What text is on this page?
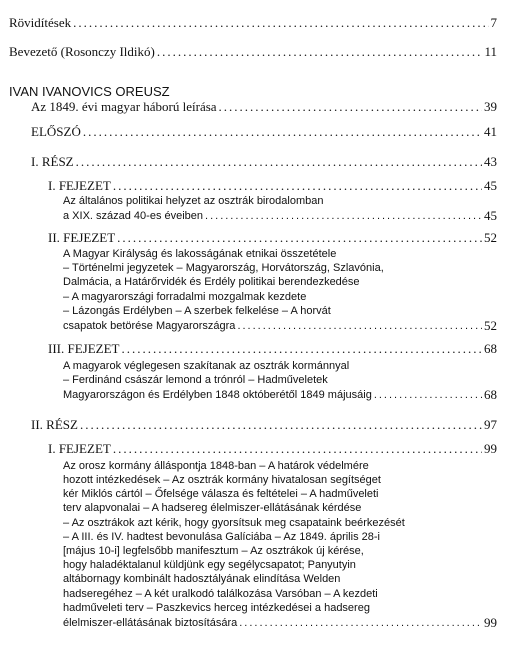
Rövidítések .....	7
Bevezető (Rosonczy Ildikó) .....	11
IVAN IVANOVICS OREUSZ
Az 1849. évi magyar háború leírása .....	39
ELŐSZÓ .....	41
I. RÉSZ .....	43
I. FEJEZET .....	45
Az általános politikai helyzet az osztrák birodalomban
a XIX. század 40-es éveiben .....	45
II. FEJEZET .....	52
A Magyar Királyság és lakosságának etnikai összetétele
– Történelmi jegyzetek – Magyarország, Horvátország, Szlavónia,
Dalmácia, a Határőrvidék és Erdély politikai berendezkedése
– A magyarországi forradalmi mozgalmak kezdete
– Lázongás Erdélyben – A szerbek felkelése – A horvát
csapatok betörése Magyarországra .....	52
III. FEJEZET .....	68
A magyarok véglegesen szakítanak az osztrák kormánnyal
– Ferdinánd császár lemond a trónról – Hadműveletek
Magyarországon és Erdélyben 1848 októberétől 1849 májusáig .....	68
II. RÉSZ .....	97
I. FEJEZET .....	99
Az orosz kormány álláspontja 1848-ban – A határok védelmére
hozott intézkedések – Az osztrák kormány hivatalosan segítséget
kér Miklós cártól – Őfelsége válasza és feltételei – A hadműveleti
terv alapvonalai – A hadsereg élelmiszer-ellátásának kérdése
– Az osztrákok azt kérik, hogy gyorsítsuk meg csapataink beérkezését
– A III. és IV. hadtest bevonulása Galíciába – Az 1849. április 28-i
[május 10-i] legfelsőbb manifesztum – Az osztrákok új kérése,
hogy haladéktalanul küldjünk egy segélycsapatot; Panyutyin
altábornagy kombinált hadosztályának elindítása Welden
hadseregéhez – A két uralkodó találkozása Varsóban – A kezdeti
hadműveleti terv – Paszkevics herceg intézkedései a hadsereg
élelmiszer-ellátásának biztosítására .....	99
